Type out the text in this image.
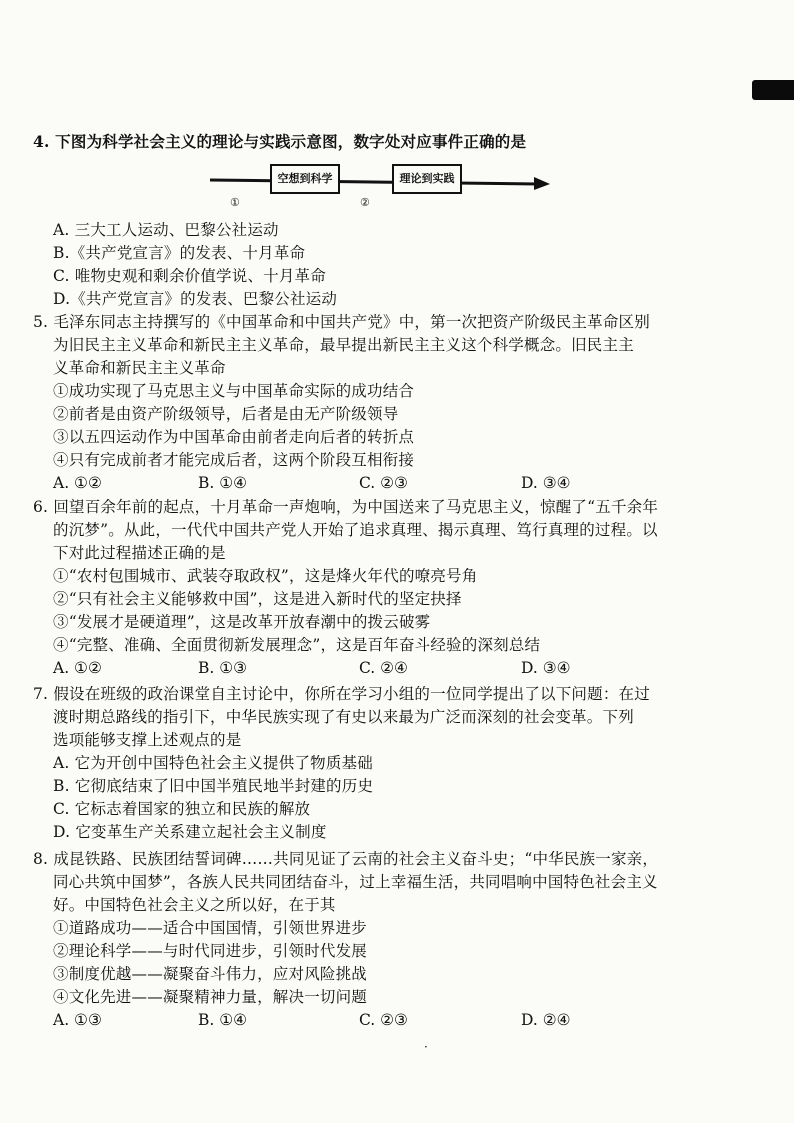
4. 下图为科学社会主义的理论与实践示意图，数字处对应事件正确的是
空想到科学	理论到实践
①	②
A. 三大工人运动、巴黎公社运动
B.《共产党宣言》的发表、十月革命
C. 唯物史观和剩余价值学说、十月革命
D.《共产党宣言》的发表、巴黎公社运动
5. 毛泽东同志主持撰写的《中国革命和中国共产党》中，第一次把资产阶级民主革命区别
为旧民主主义革命和新民主主义革命，最早提出新民主主义这个科学概念。旧民主主
义革命和新民主主义革命
①成功实现了马克思主义与中国革命实际的成功结合
②前者是由资产阶级领导，后者是由无产阶级领导
③以五四运动作为中国革命由前者走向后者的转折点
④只有完成前者才能完成后者，这两个阶段互相衔接
A. ①②	B. ①④	C. ②③	D. ③④
6. 回望百余年前的起点，十月革命一声炮响，为中国送来了马克思主义，惊醒了“五千余年
的沉梦”。从此，一代代中国共产党人开始了追求真理、揭示真理、笃行真理的过程。以
下对此过程描述正确的是
①“农村包围城市、武装夺取政权”，这是烽火年代的嘹亮号角
②“只有社会主义能够救中国”，这是进入新时代的坚定抉择
③“发展才是硬道理”，这是改革开放春潮中的拨云破雾
④“完整、准确、全面贯彻新发展理念”，这是百年奋斗经验的深刻总结
A. ①②	B. ①③	C. ②④	D. ③④
7. 假设在班级的政治课堂自主讨论中，你所在学习小组的一位同学提出了以下问题：在过
渡时期总路线的指引下，中华民族实现了有史以来最为广泛而深刻的社会变革。下列
选项能够支撑上述观点的是
A. 它为开创中国特色社会主义提供了物质基础
B. 它彻底结束了旧中国半殖民地半封建的历史
C. 它标志着国家的独立和民族的解放
D. 它变革生产关系建立起社会主义制度
8. 成昆铁路、民族团结誓词碑……共同见证了云南的社会主义奋斗史；“中华民族一家亲，
同心共筑中国梦”，各族人民共同团结奋斗，过上幸福生活，共同唱响中国特色社会主义
好。中国特色社会主义之所以好，在于其
①道路成功——适合中国国情，引领世界进步
②理论科学——与时代同进步，引领时代发展
③制度优越——凝聚奋斗伟力，应对风险挑战
④文化先进——凝聚精神力量，解决一切问题
A. ①③	B. ①④	C. ②③	D. ②④
·
